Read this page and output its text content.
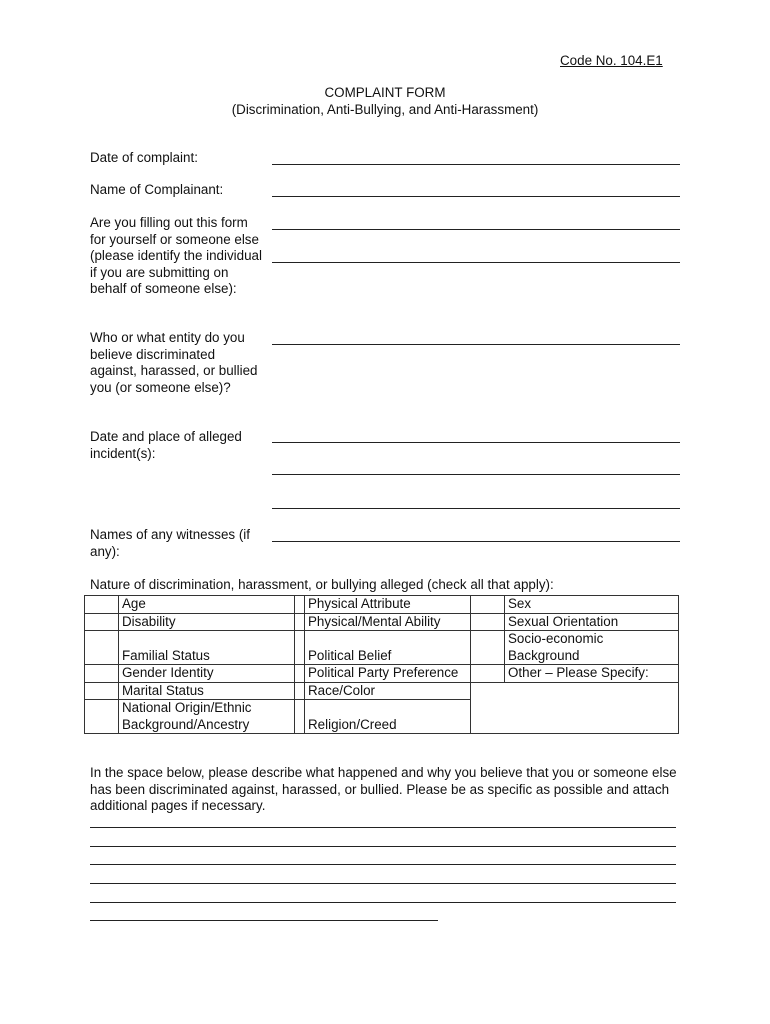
Code No. 104.E1
COMPLAINT FORM
(Discrimination, Anti-Bullying, and Anti-Harassment)
Date of complaint:
Name of Complainant:
Are you filling out this form for yourself or someone else (please identify the individual if you are submitting on behalf of someone else):
Who or what entity do you believe discriminated against, harassed, or bullied you (or someone else)?
Date and place of alleged incident(s):
Names of any witnesses (if any):
Nature of discrimination, harassment, or bullying alleged (check all that apply):
	Age		Physical Attribute		Sex
	Disability		Physical/Mental Ability		Sexual Orientation
	Familial Status		Political Belief		Socio-economic Background
	Gender Identity		Political Party Preference		Other – Please Specify:
	Marital Status		Race/Color		
	National Origin/Ethnic Background/Ancestry		Religion/Creed		
In the space below, please describe what happened and why you believe that you or someone else has been discriminated against, harassed, or bullied. Please be as specific as possible and attach additional pages if necessary.
